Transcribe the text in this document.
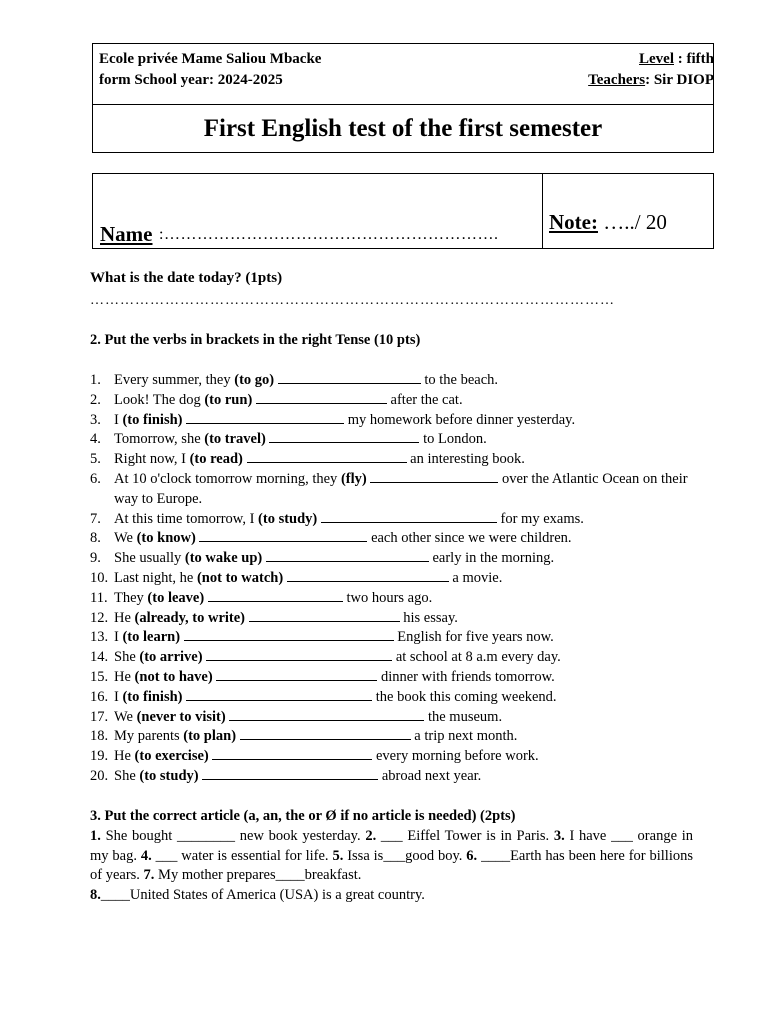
Ecole privée Mame Saliou Mbacke
form School year: 2024-2025
Level : fifth
Teachers: Sir DIOP
First English test of the first semester
Name :…………………………………………………….
Note: …../ 20
What is the date today? (1pts)
……………………………………………………………………………………………
2. Put the verbs in brackets in the right Tense (10 pts)
1. Every summer, they (to go)	to the beach.
2. Look! The dog (to run)	after the cat.
3. I (to finish)	my homework before dinner yesterday.
4. Tomorrow, she (to travel)	to London.
5. Right now, I (to read)	an interesting book.
6. At 10 o'clock tomorrow morning, they (fly)	over the Atlantic Ocean on their way to Europe.
7. At this time tomorrow, I (to study)	for my exams.
8. We (to know)	each other since we were children.
9. She usually (to wake up)	early in the morning.
10. Last night, he (not to watch)	a movie.
11. They (to leave)	two hours ago.
12. He (already, to write)	his essay.
13. I (to learn)	English for five years now.
14. She (to arrive)	at school at 8 a.m every day.
15. He (not to have)	dinner with friends tomorrow.
16. I (to finish)	the book this coming weekend.
17. We (never to visit)	the museum.
18. My parents (to plan)	a trip next month.
19. He (to exercise)	every morning before work.
20. She (to study)	abroad next year.
3. Put the correct article (a, an, the or Ø if no article is needed) (2pts)

1. She bought ________ new book yesterday. 2. ___ Eiffel Tower is in Paris. 3. I have ___ orange in my bag. 4. ___ water is essential for life. 5. Issa is___good boy. 6. ____Earth has been here for billions of years. 7. My mother prepares____breakfast.

8.____United States of America (USA) is a great country.
